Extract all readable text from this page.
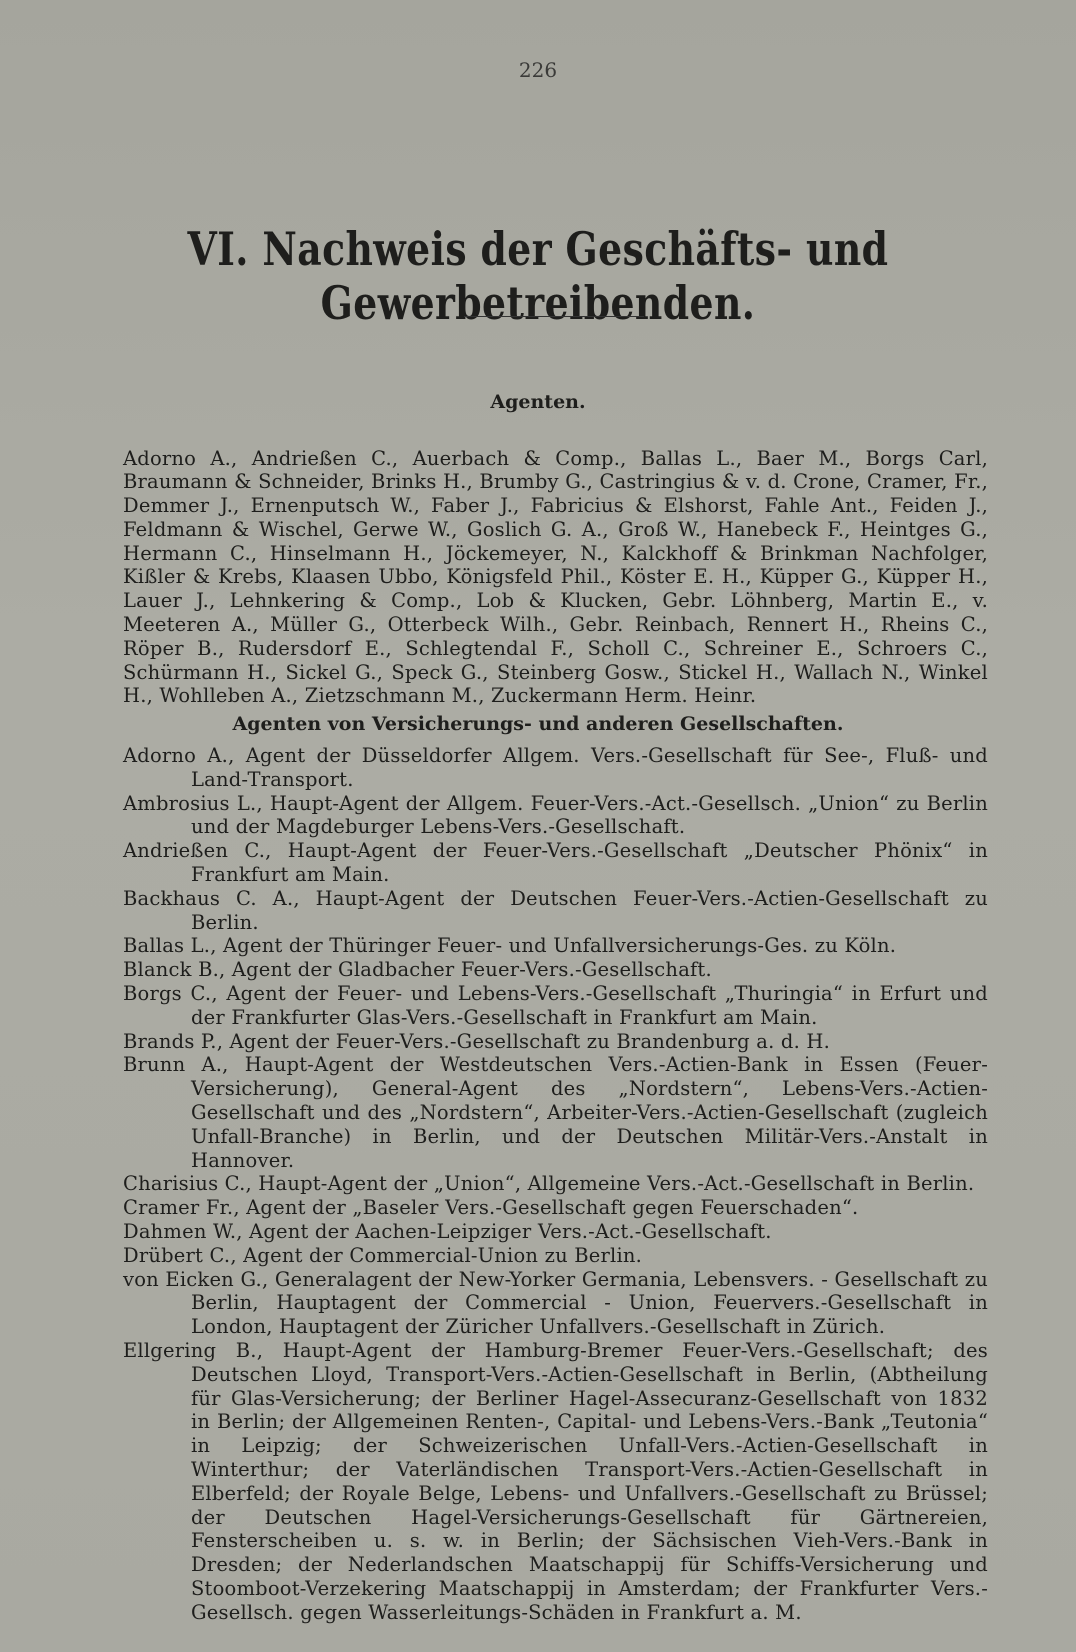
226
VI. Nachweis der Geschäfts- und Gewerbetreibenden.
Agenten.

Adorno A., Andrießen C., Auerbach & Comp., Ballas L., Baer M., Borgs Carl, Braumann & Schneider, Brinks H., Brumby G., Castringius & v. d. Crone, Cramer, Fr., Demmer J., Ernenputsch W., Faber J., Fabricius & Elshorst, Fahle Ant., Feiden J., Feldmann & Wischel, Gerwe W., Goslich G. A., Groß W., Hanebeck F., Heintges G., Hermann C., Hinselmann H., Jöckemeyer, N., Kalckhoff & Brinkman Nachfolger, Kißler & Krebs, Klaasen Ubbo, Königsfeld Phil., Köster E. H., Küpper G., Küpper H., Lauer J., Lehnkering & Comp., Lob & Klucken, Gebr. Löhnberg, Martin E., v. Meeteren A., Müller G., Otterbeck Wilh., Gebr. Reinbach, Rennert H., Rheins C., Röper B., Rudersdorf E., Schlegtendal F., Scholl C., Schreiner E., Schroers C., Schürmann H., Sickel G., Speck G., Steinberg Gosw., Stickel H., Wallach N., Winkel H., Wohlleben A., Zietzschmann M., Zuckermann Herm. Heinr.

Agenten von Versicherungs- und anderen Gesellschaften.

Adorno A., Agent der Düsseldorfer Allgem. Vers.-Gesellschaft für See-, Fluß- und Land-Transport.

Ambrosius L., Haupt-Agent der Allgem. Feuer-Vers.-Act.-Gesellsch. „Union“ zu Berlin und der Magdeburger Lebens-Vers.-Gesellschaft.

Andrießen C., Haupt-Agent der Feuer-Vers.-Gesellschaft „Deutscher Phönix“ in Frankfurt am Main.

Backhaus C. A., Haupt-Agent der Deutschen Feuer-Vers.-Actien-Gesellschaft zu Berlin.

Ballas L., Agent der Thüringer Feuer- und Unfallversicherungs-Ges. zu Köln.

Blanck B., Agent der Gladbacher Feuer-Vers.-Gesellschaft.

Borgs C., Agent der Feuer- und Lebens-Vers.-Gesellschaft „Thuringia“ in Erfurt und der Frankfurter Glas-Vers.-Gesellschaft in Frankfurt am Main.

Brands P., Agent der Feuer-Vers.-Gesellschaft zu Brandenburg a. d. H.

Brunn A., Haupt-Agent der Westdeutschen Vers.-Actien-Bank in Essen (Feuer-Versicherung), General-Agent des „Nordstern“, Lebens-Vers.-Actien-Gesellschaft und des „Nordstern“, Arbeiter-Vers.-Actien-Gesellschaft (zugleich Unfall-Branche) in Berlin, und der Deutschen Militär-Vers.-Anstalt in Hannover.

Charisius C., Haupt-Agent der „Union“, Allgemeine Vers.-Act.-Gesellschaft in Berlin.

Cramer Fr., Agent der „Baseler Vers.-Gesellschaft gegen Feuerschaden“.

Dahmen W., Agent der Aachen-Leipziger Vers.-Act.-Gesellschaft.

Drübert C., Agent der Commercial-Union zu Berlin.

von Eicken G., Generalagent der New-Yorker Germania, Lebensvers. - Gesellschaft zu Berlin, Hauptagent der Commercial - Union, Feuervers.-Gesellschaft in London, Hauptagent der Züricher Unfallvers.-Gesellschaft in Zürich.

Ellgering B., Haupt-Agent der Hamburg-Bremer Feuer-Vers.-Gesellschaft; des Deutschen Lloyd, Transport-Vers.-Actien-Gesellschaft in Berlin, (Abtheilung für Glas-Versicherung; der Berliner Hagel-Assecuranz-Gesellschaft von 1832 in Berlin; der Allgemeinen Renten-, Capital- und Lebens-Vers.-Bank „Teutonia“ in Leipzig; der Schweizerischen Unfall-Vers.-Actien-Gesellschaft in Winterthur; der Vaterländischen Transport-Vers.-Actien-Gesellschaft in Elberfeld; der Royale Belge, Lebens- und Unfallvers.-Gesellschaft zu Brüssel; der Deutschen Hagel-Versicherungs-Gesellschaft für Gärtnereien, Fensterscheiben u. s. w. in Berlin; der Sächsischen Vieh-Vers.-Bank in Dresden; der Nederlandschen Maatschappij für Schiffs-Versicherung und Stoomboot-Verzekering Maatschappij in Amsterdam; der Frankfurter Vers.-Gesellsch. gegen Wasserleitungs-Schäden in Frankfurt a. M.
